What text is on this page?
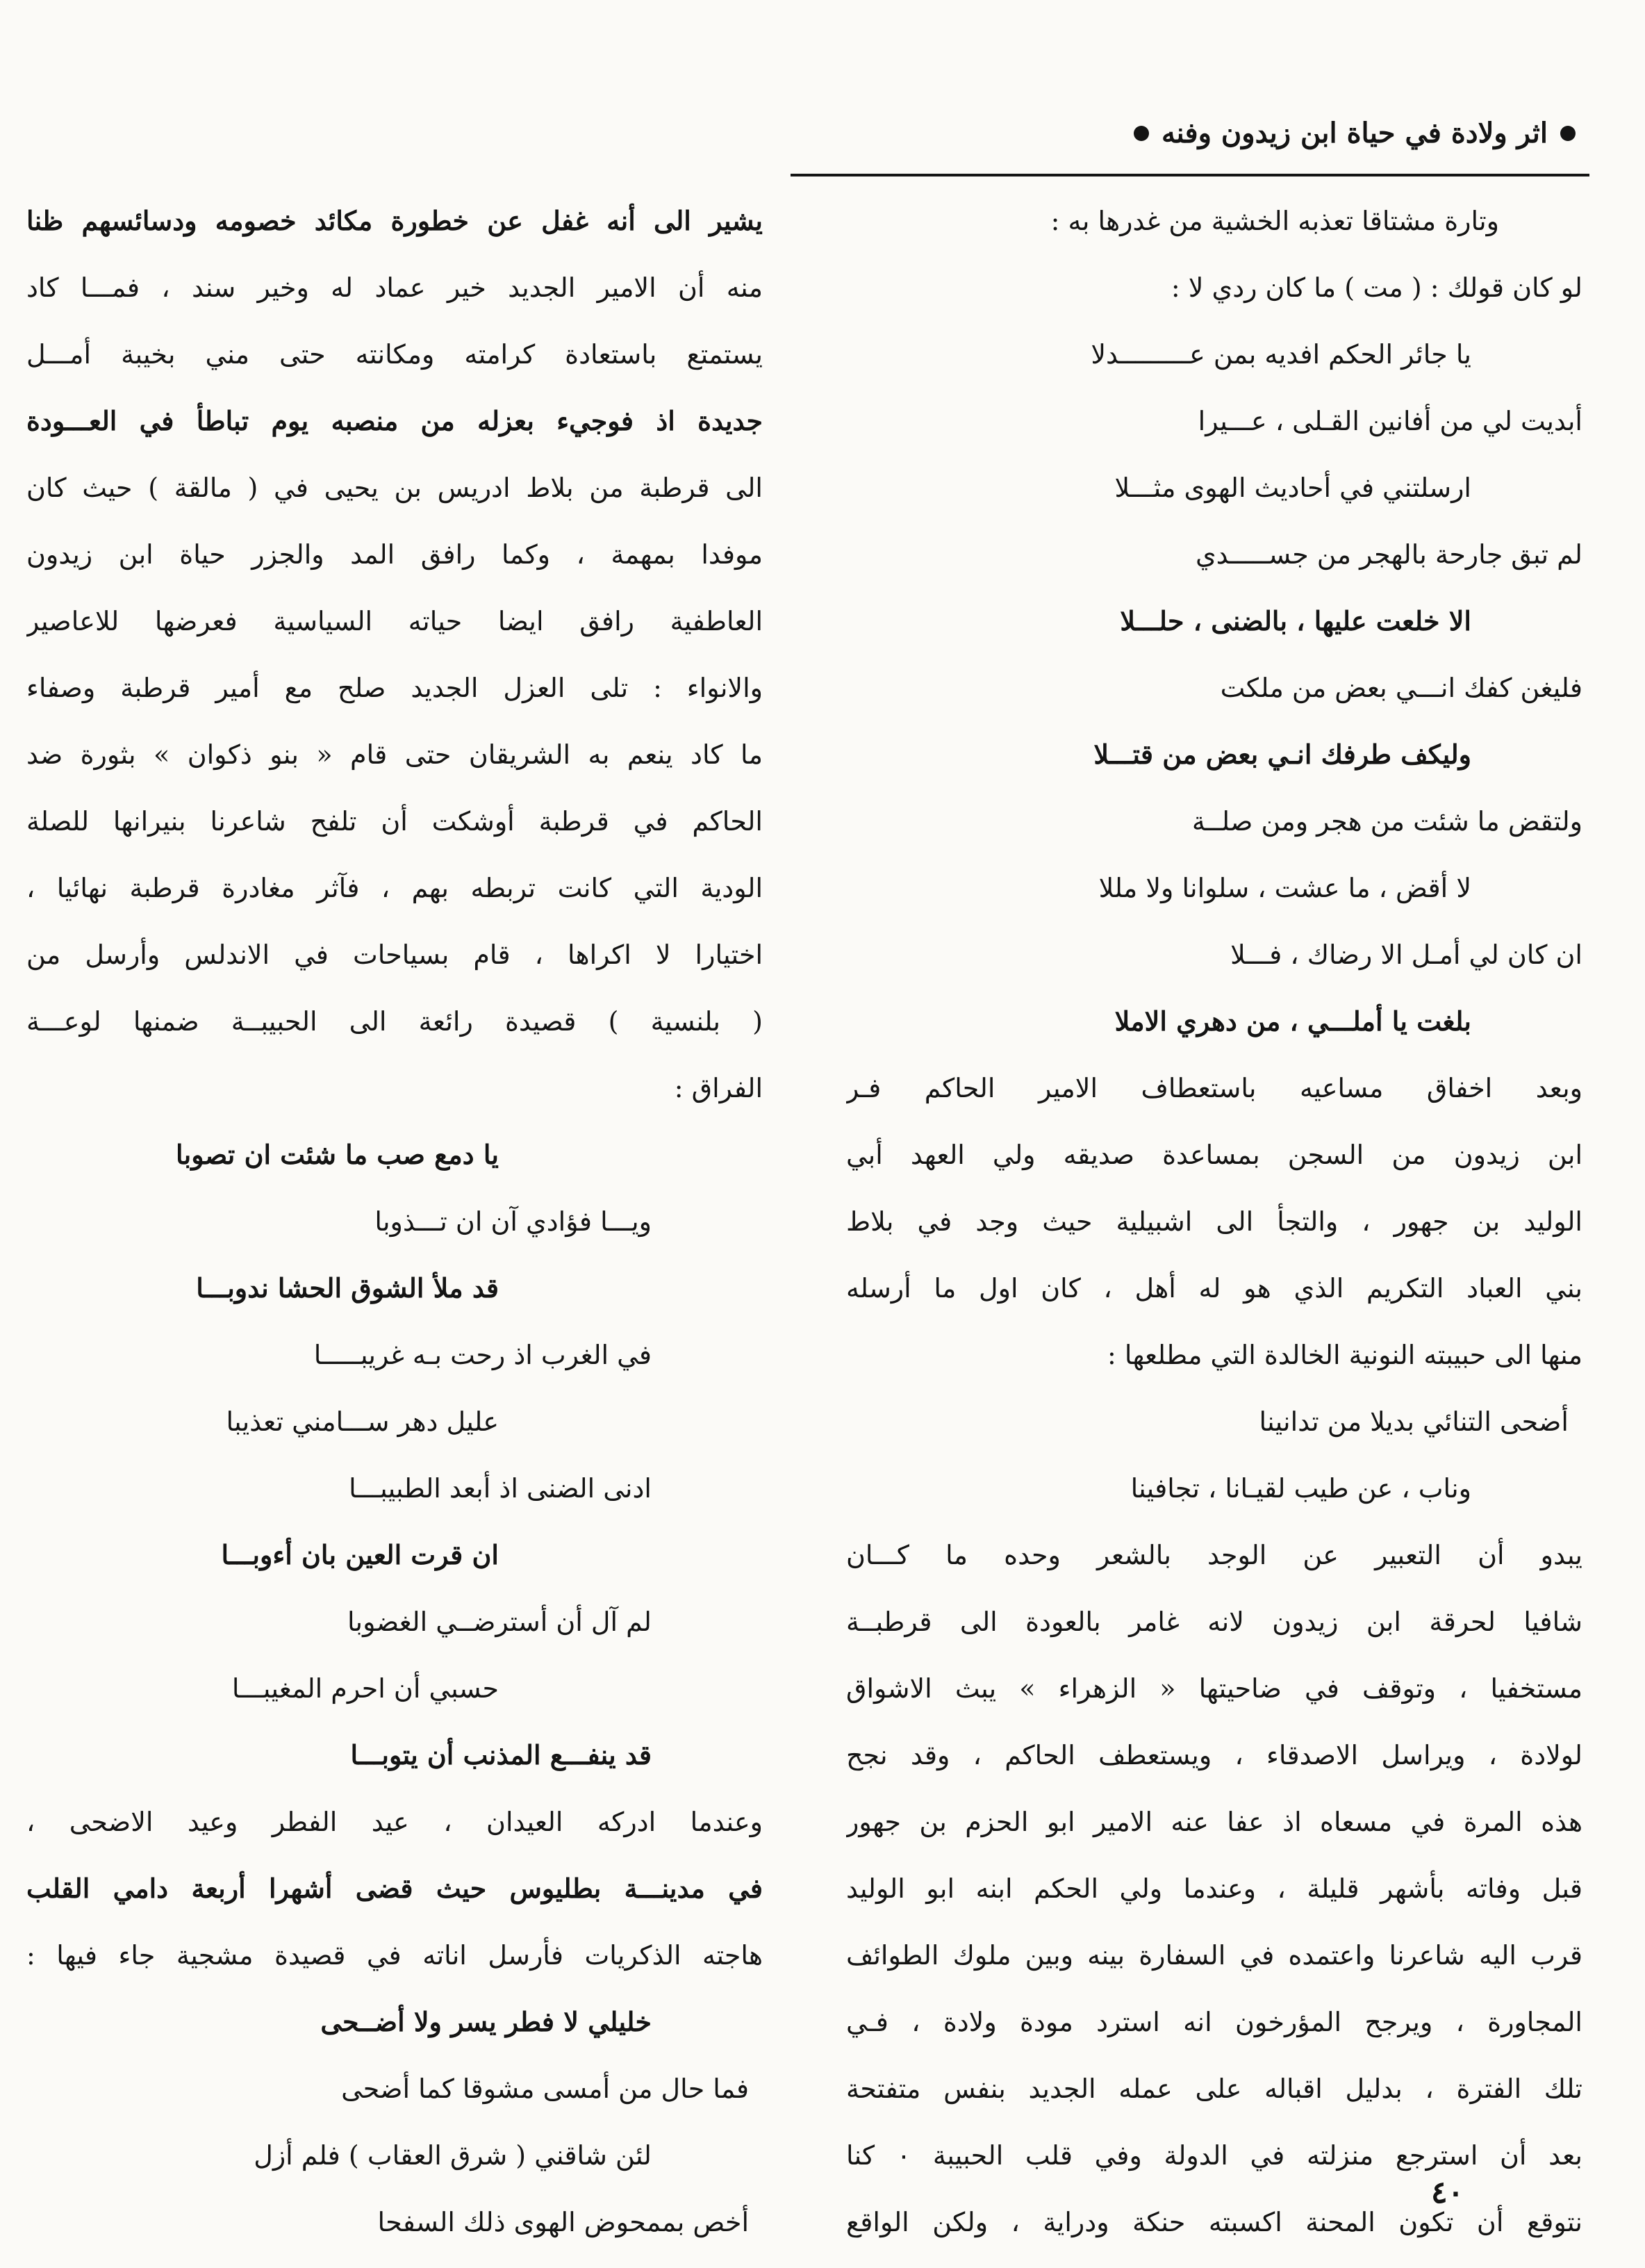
اثر ولادة في حياة ابن زيدون وفنه
وتارة مشتاقا تعذبه الخشية من غدرها به :
لو كان قولك : ( مت ) ما كان ردي لا :
يا جائر الحكم افديه بمن عـــــــــدلا
أبديت لي من أفانين القـلى ، عـــيرا
ارسلتني في أحاديث الهوى مثـــلا
لم تبق جارحة بالهجر من جســـــدي
الا خلعت عليها ، بالضنى ، حلـــلا
فليغن كفك انـــي بعض من ملكت
وليكف طرفك انـي بعض من قتـــلا
ولتقض ما شئت من هجر ومن صلــة
لا أقض ، ما عشت ، سلوانا ولا مللا
ان كان لي أمـل الا رضاك ، فـــلا
بلغت يا أملـــي ، من دهري الاملا
وبعد اخفاق مساعيه باستعطاف الامير الحاكم فـر
ابن زيدون من السجن بمساعدة صديقه ولي العهد أبي
الوليد بن جهور ، والتجأ الى اشبيلية حيث وجد في بلاط
بني العباد التكريم الذي هو له أهل ، كان اول ما أرسله
منها الى حبيبته النونية الخالدة التي مطلعها :
أضحى التنائي بديلا من تدانينا
وناب ، عن طيب لقيـانا ، تجافينا
يبدو أن التعبير عن الوجد بالشعر وحده ما كـــان
شافيا لحرقة ابن زيدون لانه غامر بالعودة الى قرطبــة
مستخفيا ، وتوقف في ضاحيتها « الزهراء » يبث الاشواق
لولادة ، ويراسل الاصدقاء ، ويستعطف الحاكم ، وقد نجح
هذه المرة في مسعاه اذ عفا عنه الامير ابو الحزم بن جهور
قبل وفاته بأشهر قليلة ، وعندما ولي الحكم ابنه ابو الوليد
قرب اليه شاعرنا واعتمده في السفارة بينه وبين ملوك الطوائف
المجاورة ، ويرجح المؤرخون انه استرد مودة ولادة ، فـي
تلك الفترة ، بدليل اقباله على عمله الجديد بنفس متفتحة
بعد أن استرجع منزلته في الدولة وفي قلب الحبيبة ٠ كنا
نتوقع أن تكون المحنة اكسبته حنكة ودراية ، ولكن الواقع
يشير الى أنه غفل عن خطورة مكائد خصومه ودسائسهم ظنا
منه أن الامير الجديد خير عماد له وخير سند ، فمـــا كاد
يستمتع باستعادة كرامته ومكانته حتى مني بخيبة أمـــل
جديدة اذ فوجيء بعزله من منصبه يوم تباطأ في العـــودة
الى قرطبة من بلاط ادريس بن يحيى في ( مالقة ) حيث كان
موفدا بمهمة ، وكما رافق المد والجزر حياة ابن زيدون
العاطفية رافق ايضا حياته السياسية فعرضها للاعاصير
والانواء : تلى العزل الجديد صلح مع أمير قرطبة وصفاء
ما كاد ينعم به الشريقان حتى قام « بنو ذكوان » بثورة ضد
الحاكم في قرطبة أوشكت أن تلفح شاعرنا بنيرانها للصلة
الودية التي كانت تربطه بهم ، فآثر مغادرة قرطبة نهائيا ،
اختيارا لا اكراها ، قام بسياحات في الاندلس وأرسل من
( بلنسية ) قصيدة رائعة الى الحبيبــة ضمنها لوعـــة
الفراق :
يا دمع صب ما شئت ان تصوبا
ويـــا فؤادي آن ان تـــذوبا
قد ملأ الشوق الحشا ندوبـــا
في الغرب اذ رحت بـه غريبـــــا
عليل دهر ســـامني تعذيبا
ادنى الضنى اذ أبعد الطبيبـــا
ان قرت العين بان أءوبـــا
لم آل أن أسترضــي الغضوبا
حسبي أن احرم المغيبـــا
قد ينفـــع المذنب أن يتوبـــا
وعندما ادركه العيدان ، عيد الفطر وعيد الاضحى ،
في مدينـــة بطليوس حيث قضى أشهرا أربعة دامي القلب
هاجته الذكريات فأرسل اناته في قصيدة مشجية جاء فيها :
خليلي لا فطر يسر ولا أضــحى
فما حال من أمسى مشوقا كما أضحى
لئن شاقني ( شرق العقاب ) فلم أزل
أخص بممحوض الهوى ذلك السفحا
٤٠
